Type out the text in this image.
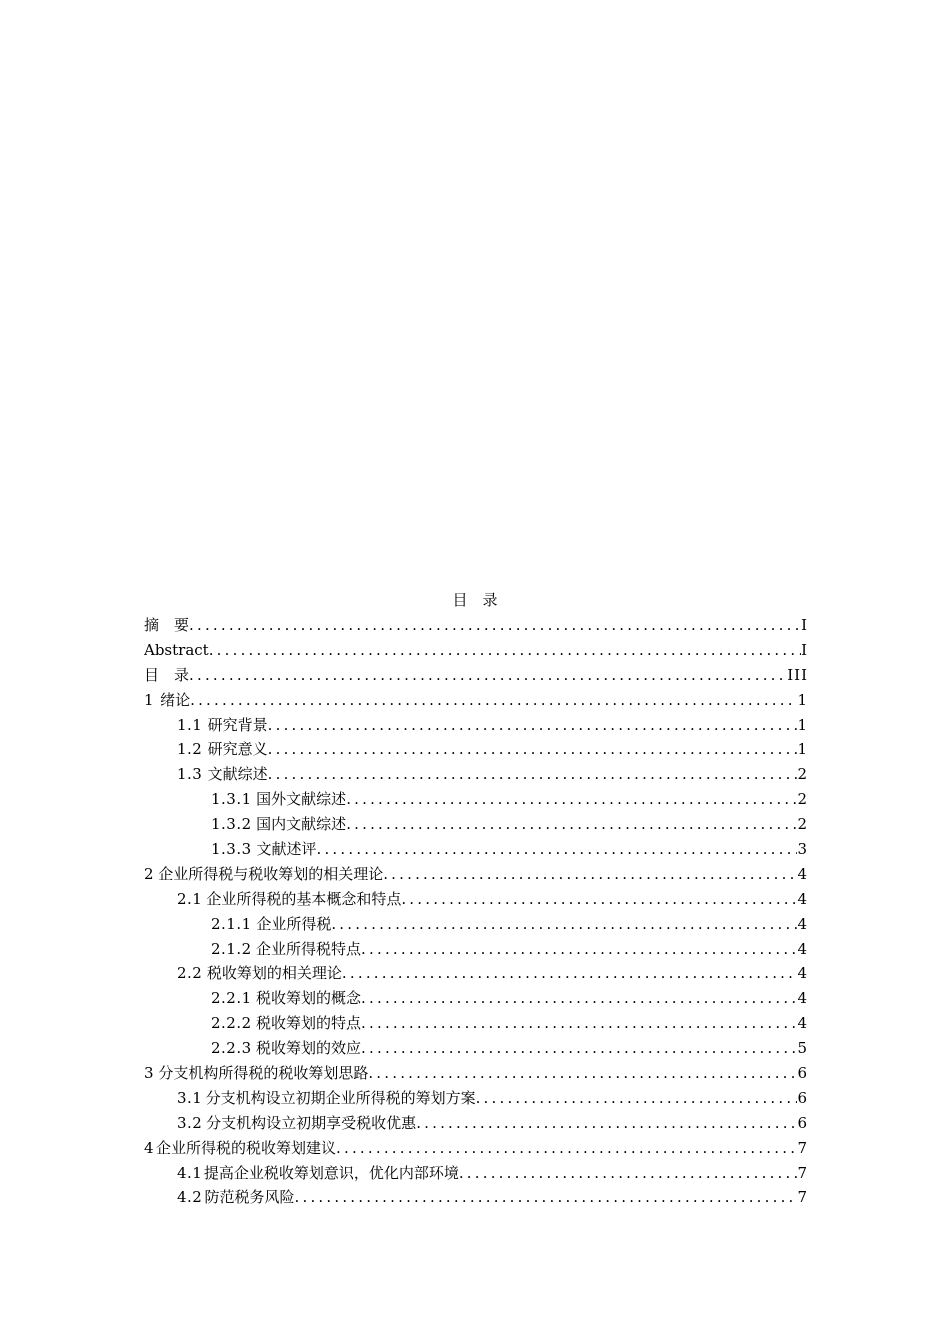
目　录
摘　要 .....	I
Abstract .....	I
目　录 .....	III
1 绪论 .....	1
1.1 研究背景 .....	1
1.2 研究意义 .....	1
1.3 文献综述 .....	2
1.3.1 国外文献综述 .....	2
1.3.2 国内文献综述 .....	2
1.3.3 文献述评 .....	3
2 企业所得税与税收筹划的相关理论 .....	4
2.1 企业所得税的基本概念和特点 .....	4
2.1.1 企业所得税 .....	4
2.1.2 企业所得税特点 .....	4
2.2 税收筹划的相关理论 .....	4
2.2.1 税收筹划的概念 .....	4
2.2.2 税收筹划的特点 .....	4
2.2.3 税收筹划的效应 .....	5
3 分支机构所得税的税收筹划思路 .....	6
3.1 分支机构设立初期企业所得税的筹划方案 .....	6
3.2 分支机构设立初期享受税收优惠 .....	6
4 企业所得税的税收筹划建议 .....	7
4.1 提高企业税收筹划意识，优化内部环境 .....	7
4.2 防范税务风险 .....	7
